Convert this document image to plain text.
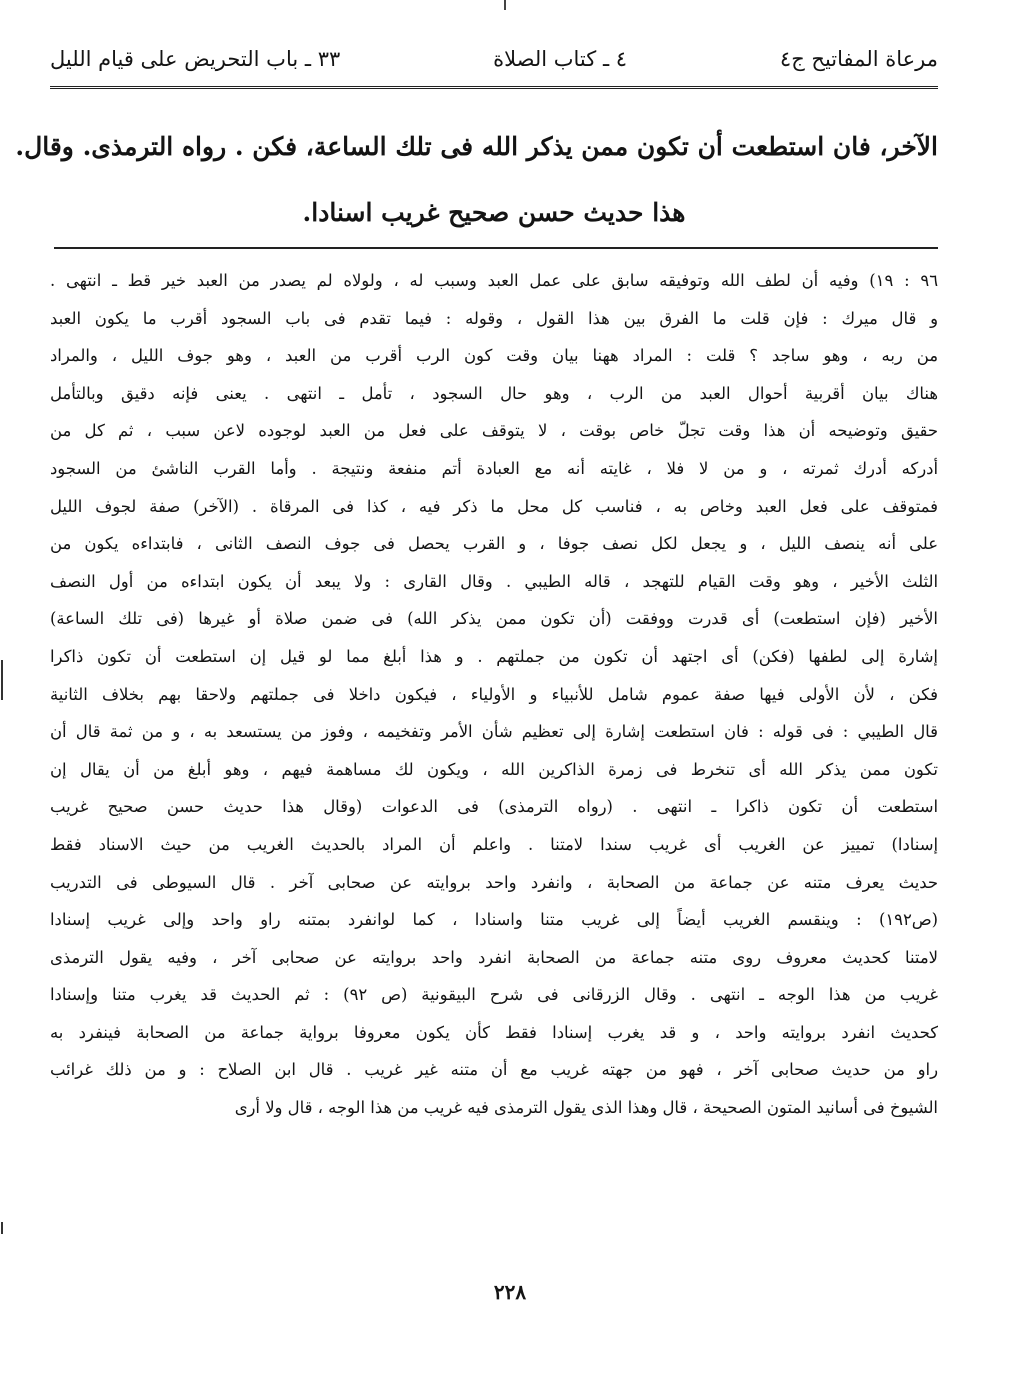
مرعاة المفاتيح ج٤
٤ ـ كتاب الصلاة
٣٣ ـ باب التحريض على قيام الليل

الآخر، فان استطعت أن تكون ممن يذكر الله فى تلك الساعة، فكن . رواه الترمذى. وقال.

هذا حديث حسن صحيح غريب اسنادا.

٩٦ : ١٩) وفيه أن لطف الله وتوفيقه سابق على عمل العبد وسبب له ، ولولاه لم يصدر من العبد خير قط ـ انتهى .
و قال ميرك : فإن قلت ما الفرق بين هذا القول ، وقوله : فيما تقدم فى باب السجود أقرب ما يكون العبد
من ربه ، وهو ساجد ؟ قلت : المراد ههنا بيان وقت كون الرب أقرب من العبد ، وهو جوف الليل ، والمراد
هناك بيان أقربية أحوال العبد من الرب ، وهو حال السجود ، تأمل ـ انتهى . يعنى فإنه دقيق وبالتأمل
حقيق وتوضيحه أن هذا وقت تجلّ خاص بوقت ، لا يتوقف على فعل من العبد لوجوده لاعن سبب ، ثم كل من
أدركه أدرك ثمرته ، و من لا فلا ، غايته أنه مع العبادة أتم منفعة ونتيجة . وأما القرب الناشئ من السجود
فمتوقف على فعل العبد وخاص به ، فناسب كل محل ما ذكر فيه ، كذا فى المرقاة . (الآخر) صفة لجوف الليل
على أنه ينصف الليل ، و يجعل لكل نصف جوفا ، و القرب يحصل فى جوف النصف الثانى ، فابتداءه يكون من
الثلث الأخير ، وهو وقت القيام للتهجد ، قاله الطيبي . وقال القارى : ولا يبعد أن يكون ابتداءه من أول النصف
الأخير (فإن استطعت) أى قدرت ووفقت (أن تكون ممن يذكر الله) فى ضمن صلاة أو غيرها (فى تلك الساعة)
إشارة إلى لطفها (فكن) أى اجتهد أن تكون من جملتهم . و هذا أبلغ مما لو قيل إن استطعت أن تكون ذاكرا
فكن ، لأن الأولى فيها صفة عموم شامل للأنبياء و الأولياء ، فيكون داخلا فى جملتهم ولاحقا بهم بخلاف الثانية
قال الطيبي : فى قوله : فان استطعت إشارة إلى تعظيم شأن الأمر وتفخيمه ، وفوز من يستسعد به ، و من ثمة قال أن
تكون ممن يذكر الله أى تنخرط فى زمرة الذاكرين الله ، ويكون لك مساهمة فيهم ، وهو أبلغ من أن يقال إن
استطعت أن تكون ذاكرا ـ انتهى . (رواه الترمذى) فى الدعوات (وقال هذا حديث حسن صحيح غريب
إسنادا) تمييز عن الغريب أى غريب سندا لامتنا . واعلم أن المراد بالحديث الغريب من حيث الاسناد فقط
حديث يعرف متنه عن جماعة من الصحابة ، وانفرد واحد بروايته عن صحابى آخر . قال السيوطى فى التدريب
(ص١٩٢) : وينقسم الغريب أيضاً إلى غريب متنا واسنادا ، كما لوانفرد بمتنه راو واحد وإلى غريب إسنادا
لامتنا كحديث معروف روى متنه جماعة من الصحابة انفرد واحد بروايته عن صحابى آخر ، وفيه يقول الترمذى
غريب من هذا الوجه ـ انتهى . وقال الزرقانى فى شرح البيقونية (ص ٩٢) : ثم الحديث قد يغرب متنا وإسنادا
كحديث انفرد بروايته واحد ، و قد يغرب إسنادا فقط كأن يكون معروفا برواية جماعة من الصحابة فينفرد به
راو من حديث صحابى آخر ، فهو من جهته غريب مع أن متنه غير غريب . قال ابن الصلاح : و من ذلك غرائب
الشيوخ فى أسانيد المتون الصحيحة ، قال وهذا الذى يقول الترمذى فيه غريب من هذا الوجه ، قال ولا أرى
٢٢٨
